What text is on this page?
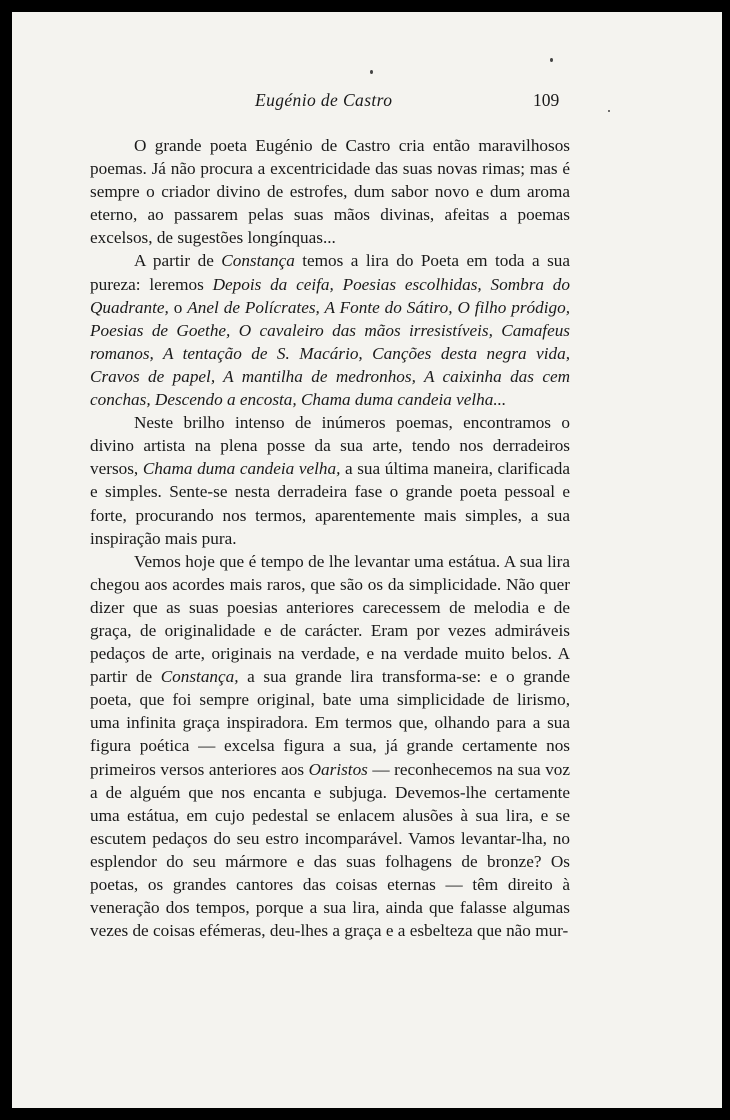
Eugénio de Castro	109

O grande poeta Eugénio de Castro cria então maravilhosos poemas. Já não procura a excentricidade das suas novas rimas; mas é sempre o criador divino de estrofes, dum sabor novo e dum aroma eterno, ao passarem pelas suas mãos divinas, afeitas a poemas excelsos, de sugestões longínquas...

A partir de Constança temos a lira do Poeta em toda a sua pureza: leremos Depois da ceifa, Poesias escolhidas, Sombra do Quadrante, o Anel de Polícrates, A Fonte do Sátiro, O filho pródigo, Poesias de Goethe, O cavaleiro das mãos irresistíveis, Camafeus romanos, A tentação de S. Macário, Canções desta negra vida, Cravos de papel, A mantilha de medronhos, A caixinha das cem conchas, Descendo a encosta, Chama duma candeia velha...

Neste brilho intenso de inúmeros poemas, encontramos o divino artista na plena posse da sua arte, tendo nos derradeiros versos, Chama duma candeia velha, a sua última maneira, clarificada e simples. Sente-se nesta derradeira fase o grande poeta pessoal e forte, procurando nos termos, aparentemente mais simples, a sua inspiração mais pura.

Vemos hoje que é tempo de lhe levantar uma estátua. A sua lira chegou aos acordes mais raros, que são os da simplicidade. Não quer dizer que as suas poesias anteriores carecessem de melodia e de graça, de originalidade e de carácter. Eram por vezes admiráveis pedaços de arte, originais na verdade, e na verdade muito belos. A partir de Constança, a sua grande lira transforma-se: e o grande poeta, que foi sempre original, bate uma simplicidade de lirismo, uma infinita graça inspiradora. Em termos que, olhando para a sua figura poética — excelsa figura a sua, já grande certamente nos primeiros versos anteriores aos Oaristos — reconhecemos na sua voz a de alguém que nos encanta e subjuga. Devemos-lhe certamente uma estátua, em cujo pedestal se enlacem alusões à sua lira, e se escutem pedaços do seu estro incomparável. Vamos levantar-lha, no esplendor do seu mármore e das suas folhagens de bronze? Os poetas, os grandes cantores das coisas eternas — têm direito à veneração dos tempos, porque a sua lira, ainda que falasse algumas vezes de coisas efémeras, deu-lhes a graça e a esbelteza que não mur-
